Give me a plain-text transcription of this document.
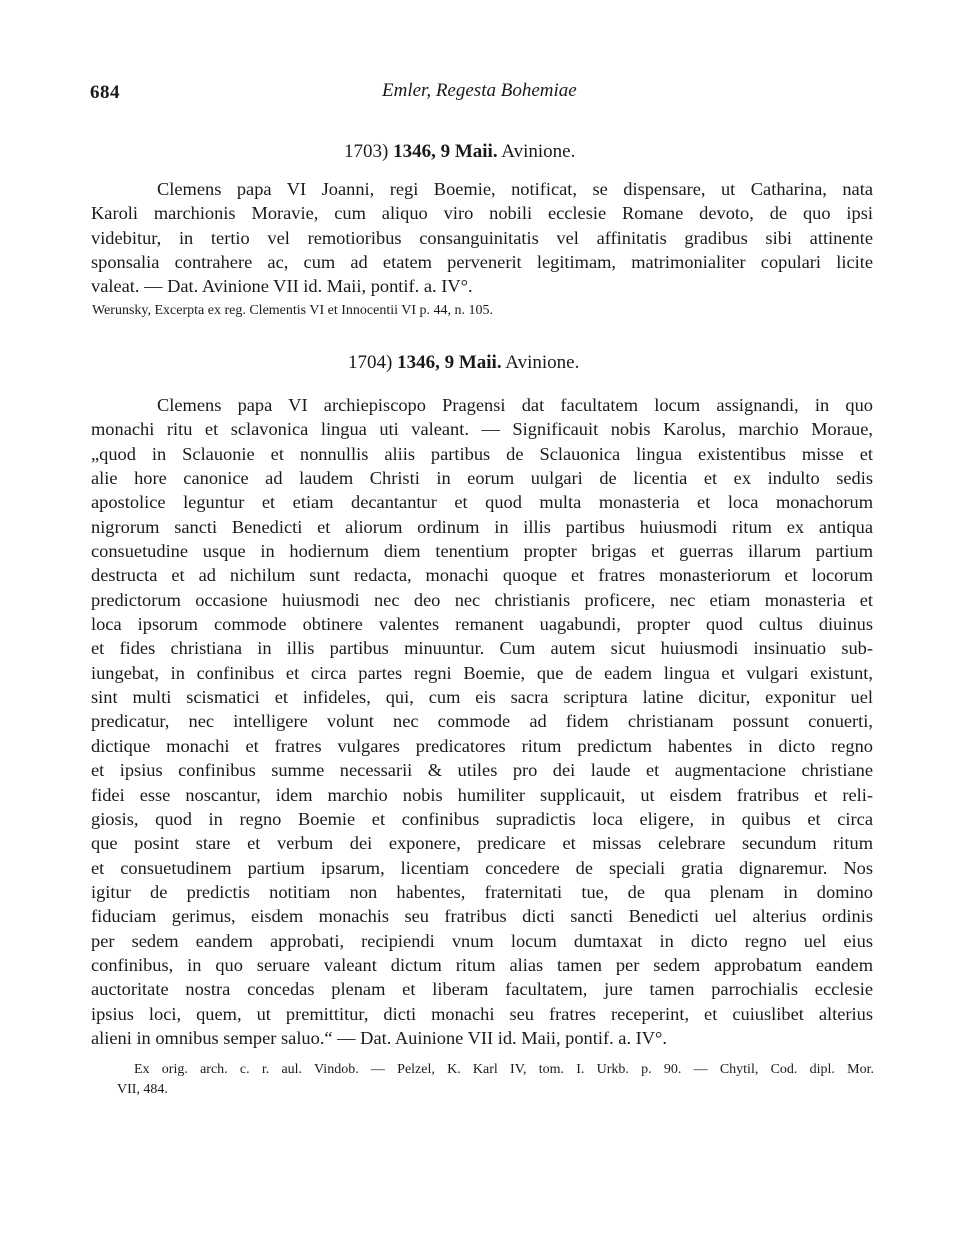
684	Emler, Regesta Bohemiae
1703) 1346, 9 Maii. Avinione.
Clemens papa VI Joanni, regi Boemie, notificat, se dispensare, ut Catharina, nata
Karoli marchionis Moravie, cum aliquo viro nobili ecclesie Romane devoto, de quo ipsi
videbitur, in tertio vel remotioribus consanguinitatis vel affinitatis gradibus sibi attinente
sponsalia contrahere ac, cum ad etatem pervenerit legitimam, matrimonialiter copulari licite
valeat. — Dat. Avinione VII id. Maii, pontif. a. IV°.
Werunsky, Excerpta ex reg. Clementis VI et Innocentii VI p. 44, n. 105.
1704) 1346, 9 Maii. Avinione.
Clemens papa VI archiepiscopo Pragensi dat facultatem locum assignandi, in quo
monachi ritu et sclavonica lingua uti valeant. — Significauit nobis Karolus, marchio Moraue,
„quod in Sclauonie et nonnullis aliis partibus de Sclauonica lingua existentibus misse et
alie hore canonice ad laudem Christi in eorum uulgari de licentia et ex indulto sedis
apostolice leguntur et etiam decantantur et quod multa monasteria et loca monachorum
nigrorum sancti Benedicti et aliorum ordinum in illis partibus huiusmodi ritum ex antiqua
consuetudine usque in hodiernum diem tenentium propter brigas et guerras illarum partium
destructa et ad nichilum sunt redacta, monachi quoque et fratres monasteriorum et locorum
predictorum occasione huiusmodi nec deo nec christianis proficere, nec etiam monasteria et
loca ipsorum commode obtinere valentes remanent uagabundi, propter quod cultus diuinus
et fides christiana in illis partibus minuuntur. Cum autem sicut huiusmodi insinuatio sub-
iungebat, in confinibus et circa partes regni Boemie, que de eadem lingua et vulgari existunt,
sint multi scismatici et infideles, qui, cum eis sacra scriptura latine dicitur, exponitur uel
predicatur, nec intelligere volunt nec commode ad fidem christianam possunt conuerti,
dictique monachi et fratres vulgares predicatores ritum predictum habentes in dicto regno
et ipsius confinibus summe necessarii & utiles pro dei laude et augmentacione christiane
fidei esse noscantur, idem marchio nobis humiliter supplicauit, ut eisdem fratribus et reli-
giosis, quod in regno Boemie et confinibus supradictis loca eligere, in quibus et circa
que posint stare et verbum dei exponere, predicare et missas celebrare secundum ritum
et consuetudinem partium ipsarum, licentiam concedere de speciali gratia dignaremur. Nos
igitur de predictis notitiam non habentes, fraternitati tue, de qua plenam in domino
fiduciam gerimus, eisdem monachis seu fratribus dicti sancti Benedicti uel alterius ordinis
per sedem eandem approbati, recipiendi vnum locum dumtaxat in dicto regno uel eius
confinibus, in quo seruare valeant dictum ritum alias tamen per sedem approbatum eandem
auctoritate nostra concedas plenam et liberam facultatem, jure tamen parrochialis ecclesie
ipsius loci, quem, ut premittitur, dicti monachi seu fratres receperint, et cuiuslibet alterius
alieni in omnibus semper saluo.“ — Dat. Auinione VII id. Maii, pontif. a. IV°.
Ex orig. arch. c. r. aul. Vindob. — Pelzel, K. Karl IV, tom. I. Urkb. p. 90. — Chytil, Cod. dipl. Mor.
VII, 484.
